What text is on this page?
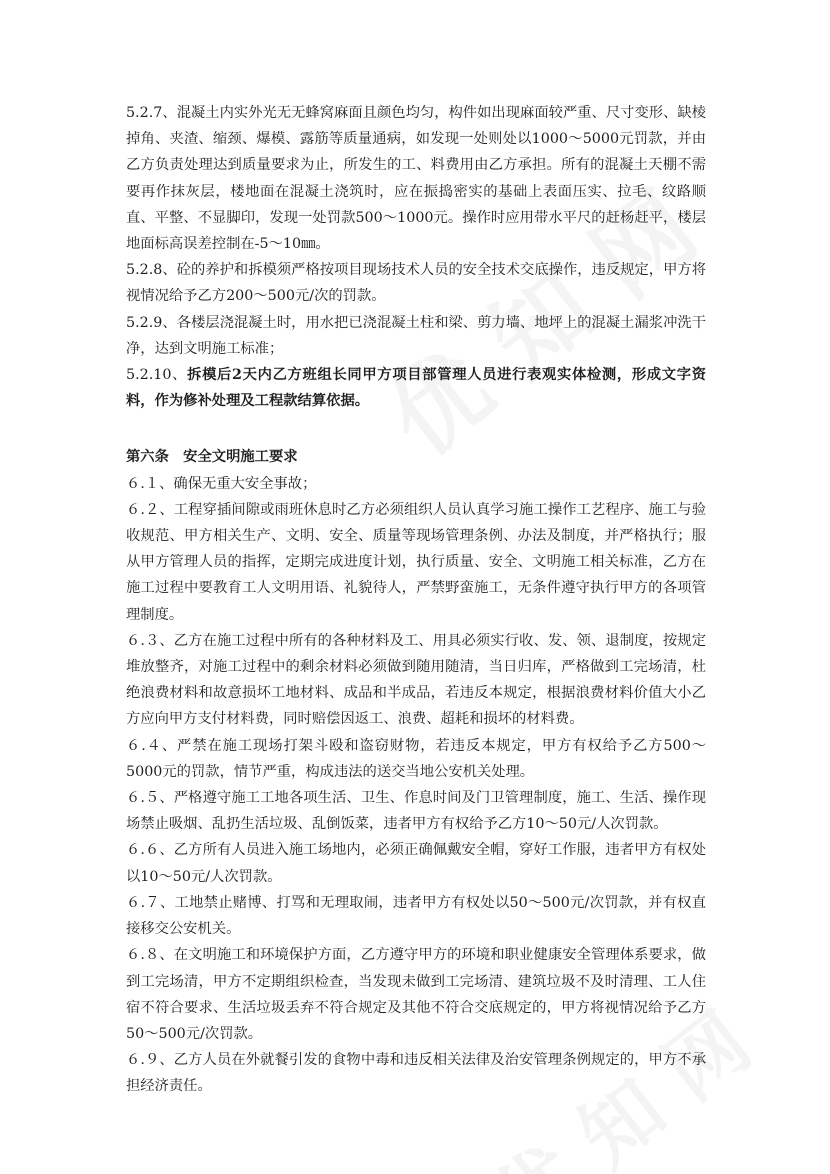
5.2.7、混凝土内实外光无无蜂窝麻面且颜色均匀，构件如出现麻面较严重、尺寸变形、缺棱掉角、夹渣、缩颈、爆模、露筋等质量通病，如发现一处则处以1000～5000元罚款，并由乙方负责处理达到质量要求为止，所发生的工、料费用由乙方承担。所有的混凝土天棚不需要再作抹灰层，楼地面在混凝土浇筑时，应在振捣密实的基础上表面压实、拉毛、纹路顺直、平整、不显脚印，发现一处罚款500～1000元。操作时应用带水平尺的赶杨赶平，楼层地面标高误差控制在-5～10㎜。

5.2.8、砼的养护和拆模须严格按项目现场技术人员的安全技术交底操作，违反规定，甲方将视情况给予乙方200～500元/次的罚款。

5.2.9、各楼层浇混凝土时，用水把已浇混凝土柱和梁、剪力墙、地坪上的混凝土漏浆冲洗干净，达到文明施工标准；

5.2.10、拆模后2天内乙方班组长同甲方项目部管理人员进行表观实体检测，形成文字资料，作为修补处理及工程款结算依据。

第六条　安全文明施工要求

６.１、确保无重大安全事故；

６.２、工程穿插间隙或雨班休息时乙方必须组织人员认真学习施工操作工艺程序、施工与验收规范、甲方相关生产、文明、安全、质量等现场管理条例、办法及制度，并严格执行；服从甲方管理人员的指挥，定期完成进度计划，执行质量、安全、文明施工相关标准，乙方在施工过程中要教育工人文明用语、礼貌待人，严禁野蛮施工，无条件遵守执行甲方的各项管理制度。

６.３、乙方在施工过程中所有的各种材料及工、用具必须实行收、发、领、退制度，按规定堆放整齐，对施工过程中的剩余材料必须做到随用随清，当日归库，严格做到工完场清，杜绝浪费材料和故意损坏工地材料、成品和半成品，若违反本规定，根据浪费材料价值大小乙方应向甲方支付材料费，同时赔偿因返工、浪费、超耗和损坏的材料费。

６.４、严禁在施工现场打架斗殴和盗窃财物，若违反本规定，甲方有权给予乙方500～5000元的罚款，情节严重，构成违法的送交当地公安机关处理。

６.５、严格遵守施工工地各项生活、卫生、作息时间及门卫管理制度，施工、生活、操作现场禁止吸烟、乱扔生活垃圾、乱倒饭菜，违者甲方有权给予乙方10～50元/人次罚款。

６.６、乙方所有人员进入施工场地内，必须正确佩戴安全帽，穿好工作服，违者甲方有权处以10～50元/人次罚款。

６.７、工地禁止赌博、打骂和无理取闹，违者甲方有权处以50～500元/次罚款，并有权直接移交公安机关。

６.８、在文明施工和环境保护方面，乙方遵守甲方的环境和职业健康安全管理体系要求，做到工完场清，甲方不定期组织检查，当发现未做到工完场清、建筑垃圾不及时清理、工人住宿不符合要求、生活垃圾丢弃不符合规定及其他不符合交底规定的，甲方将视情况给予乙方50～500元/次罚款。

６.９、乙方人员在外就餐引发的食物中毒和违反相关法律及治安管理条例规定的，甲方不承担经济责任。
